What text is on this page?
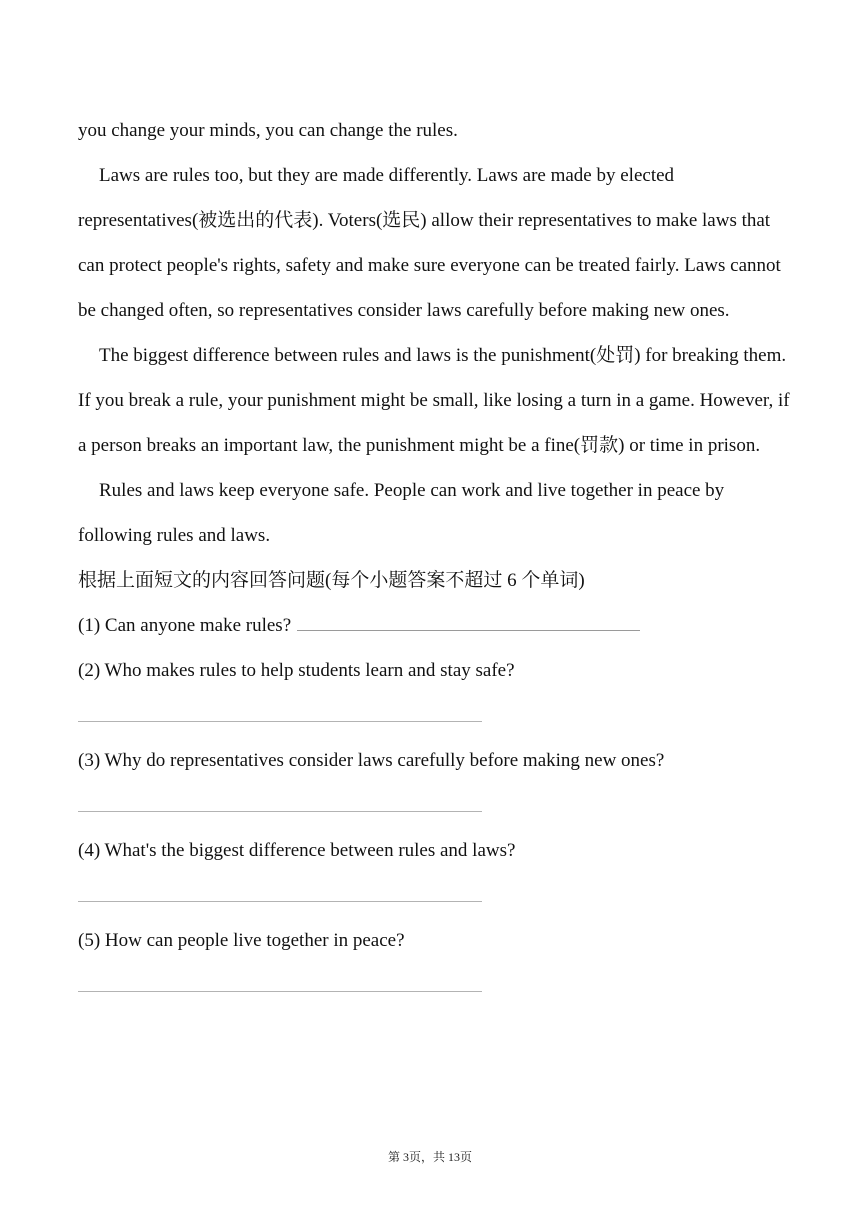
you change your minds, you can change the rules.

Laws are rules too, but they are made differently. Laws are made by elected representatives(被选出的代表). Voters(选民) allow their representatives to make laws that can protect people's rights, safety and make sure everyone can be treated fairly. Laws cannot be changed often, so representatives consider laws carefully before making new ones.

The biggest difference between rules and laws is the punishment(处罚) for breaking them. If you break a rule, your punishment might be small, like losing a turn in a game. However, if a person breaks an important law, the punishment might be a fine(罚款) or time in prison.

Rules and laws keep everyone safe. People can work and live together in peace by following rules and laws.

根据上面短文的内容回答问题(每个小题答案不超过 6 个单词)

(1) Can anyone make rules?

(2) Who makes rules to help students learn and stay safe?

(3) Why do representatives consider laws carefully before making new ones?

(4) What's the biggest difference between rules and laws?

(5) How can people live together in peace?

第 3页，共 13页
